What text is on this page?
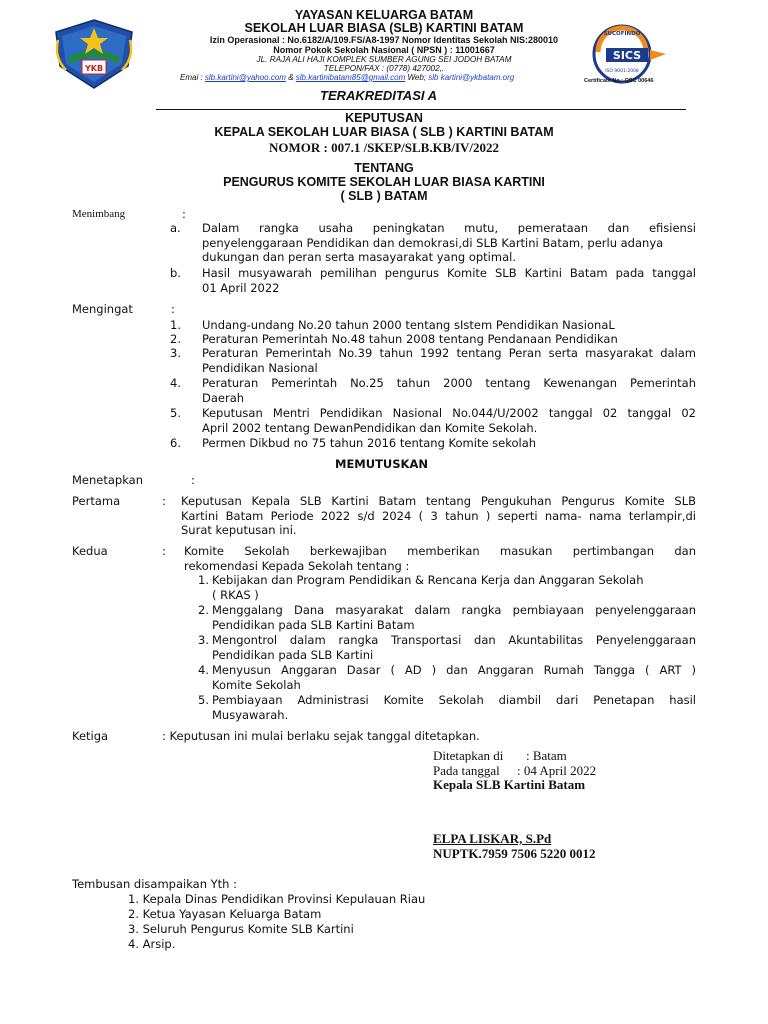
YKB
SUCOFINDO
SICS
ISO 9001:2008
YAYASAN KELUARGA BATAM
SEKOLAH LUAR BIASA (SLB) KARTINI BATAM
Izin Operasional : No.6182/A/109.FS/A8-1997 Nomor Identitas Sekolah NIS:280010
Nomor Pokok Sekolah Nasional ( NPSN ) : 11001667
JL. RAJA ALI HAJI KOMPLEK SUMBER AGUNG SEI JODOH BATAM
TELEPON/FAX : (0778) 427002,.
Emai : slb.kartini@yahoo.com & slb.kartinibatam85@gmail.com Web; slb kartini@ykbatam.org
TERAKREDITASI A
Certificate No.: QSC 00646
KEPUTUSAN
KEPALA SEKOLAH LUAR BIASA ( SLB ) KARTINI BATAM
NOMOR : 007.1 /SKEP/SLB.KB/IV/2022
TENTANG
PENGURUS KOMITE SEKOLAH LUAR BIASA KARTINI
( SLB ) BATAM
Menimbang	:
a. Dalam rangka usaha peningkatan mutu, pemerataan dan efisiensi
penyelenggaraan Pendidikan dan demokrasi,di SLB Kartini Batam, perlu adanya
dukungan dan peran serta masayarakat yang optimal.
b. Hasil musyawarah pemilihan pengurus Komite SLB Kartini Batam pada tanggal
01 April 2022
Mengingat	:
1. Undang-undang No.20 tahun 2000 tentang sIstem Pendidikan NasionaL
2. Peraturan Pemerintah No.48 tahun 2008 tentang Pendanaan Pendidikan
3. Peraturan Pemerintah No.39 tahun 1992 tentang Peran serta masyarakat dalam
Pendidikan Nasional
4. Peraturan Pemerintah No.25 tahun 2000 tentang Kewenangan Pemerintah
Daerah
5. Keputusan Mentri Pendidikan Nasional No.044/U/2002 tanggal 02 tanggal 02
April 2002 tentang DewanPendidikan dan Komite Sekolah.
6. Permen Dikbud no 75 tahun 2016 tentang Komite sekolah
MEMUTUSKAN
Menetapkan	:
Pertama	: Keputusan Kepala SLB Kartini Batam tentang Pengukuhan Pengurus Komite SLB
Kartini Batam Periode 2022 s/d 2024 ( 3 tahun ) seperti nama- nama terlampir,di
Surat keputusan ini.
Kedua	: Komite Sekolah berkewajiban memberikan masukan pertimbangan dan
rekomendasi Kepada Sekolah tentang :
1. Kebijakan dan Program Pendidikan & Rencana Kerja dan Anggaran Sekolah
( RKAS )
2. Menggalang Dana masyarakat dalam rangka pembiayaan penyelenggaraan
Pendidikan pada SLB Kartini Batam
3. Mengontrol dalam rangka Transportasi dan Akuntabilitas Penyelenggaraan
Pendidikan pada SLB Kartini
4. Menyusun Anggaran Dasar ( AD ) dan Anggaran Rumah Tangga ( ART )
Komite Sekolah
5. Pembiayaan Administrasi Komite Sekolah diambil dari Penetapan hasil
Musyawarah.
Ketiga	: Keputusan ini mulai berlaku sejak tanggal ditetapkan.
Ditetapkan di : Batam
Pada tanggal : 04 April 2022
Kepala SLB Kartini Batam
ELPA LISKAR, S.Pd
NUPTK.7959 7506 5220 0012
Tembusan disampaikan Yth :
1. Kepala Dinas Pendidikan Provinsi Kepulauan Riau
2. Ketua Yayasan Keluarga Batam
3. Seluruh Pengurus Komite SLB Kartini
4. Arsip.
